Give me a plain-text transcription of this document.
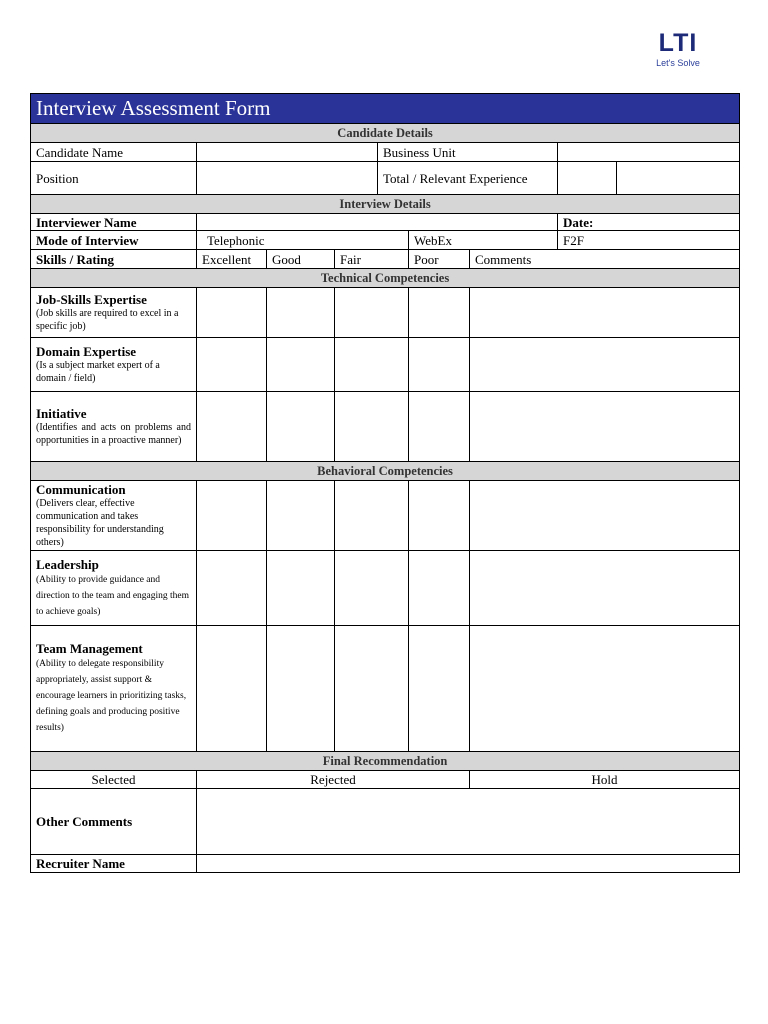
LTI
Let's Solve
Interview Assessment Form								
Candidate Details								
Candidate Name				Business Unit				
Position				Total / Relevant Experience				
Interview Details								
Interviewer Name							Date:	
Mode of Interview	Telephonic				WebEx		F2F	
Skills / Rating	Excellent	Good	Fair		Poor	Comments		
Technical Competencies								

Job-Skills Expertise
(Job skills are required to excel in a specific job)								

Domain Expertise
(Is a subject market expert of a domain / field)								

Initiative
(Identifies and acts on problems and opportunities in a proactive manner)								

Behavioral Competencies								

Communication
(Delivers clear, effective communication and takes responsibility for understanding others)								

Leadership
(Ability to provide guidance and direction to the team and engaging them to achieve goals)								

Team Management
(Ability to delegate responsibility appropriately, assist support & encourage learners in prioritizing tasks, defining goals and producing positive results)								

Final Recommendation								
Selected	Rejected					Hold		
Other Comments								
Recruiter Name								
